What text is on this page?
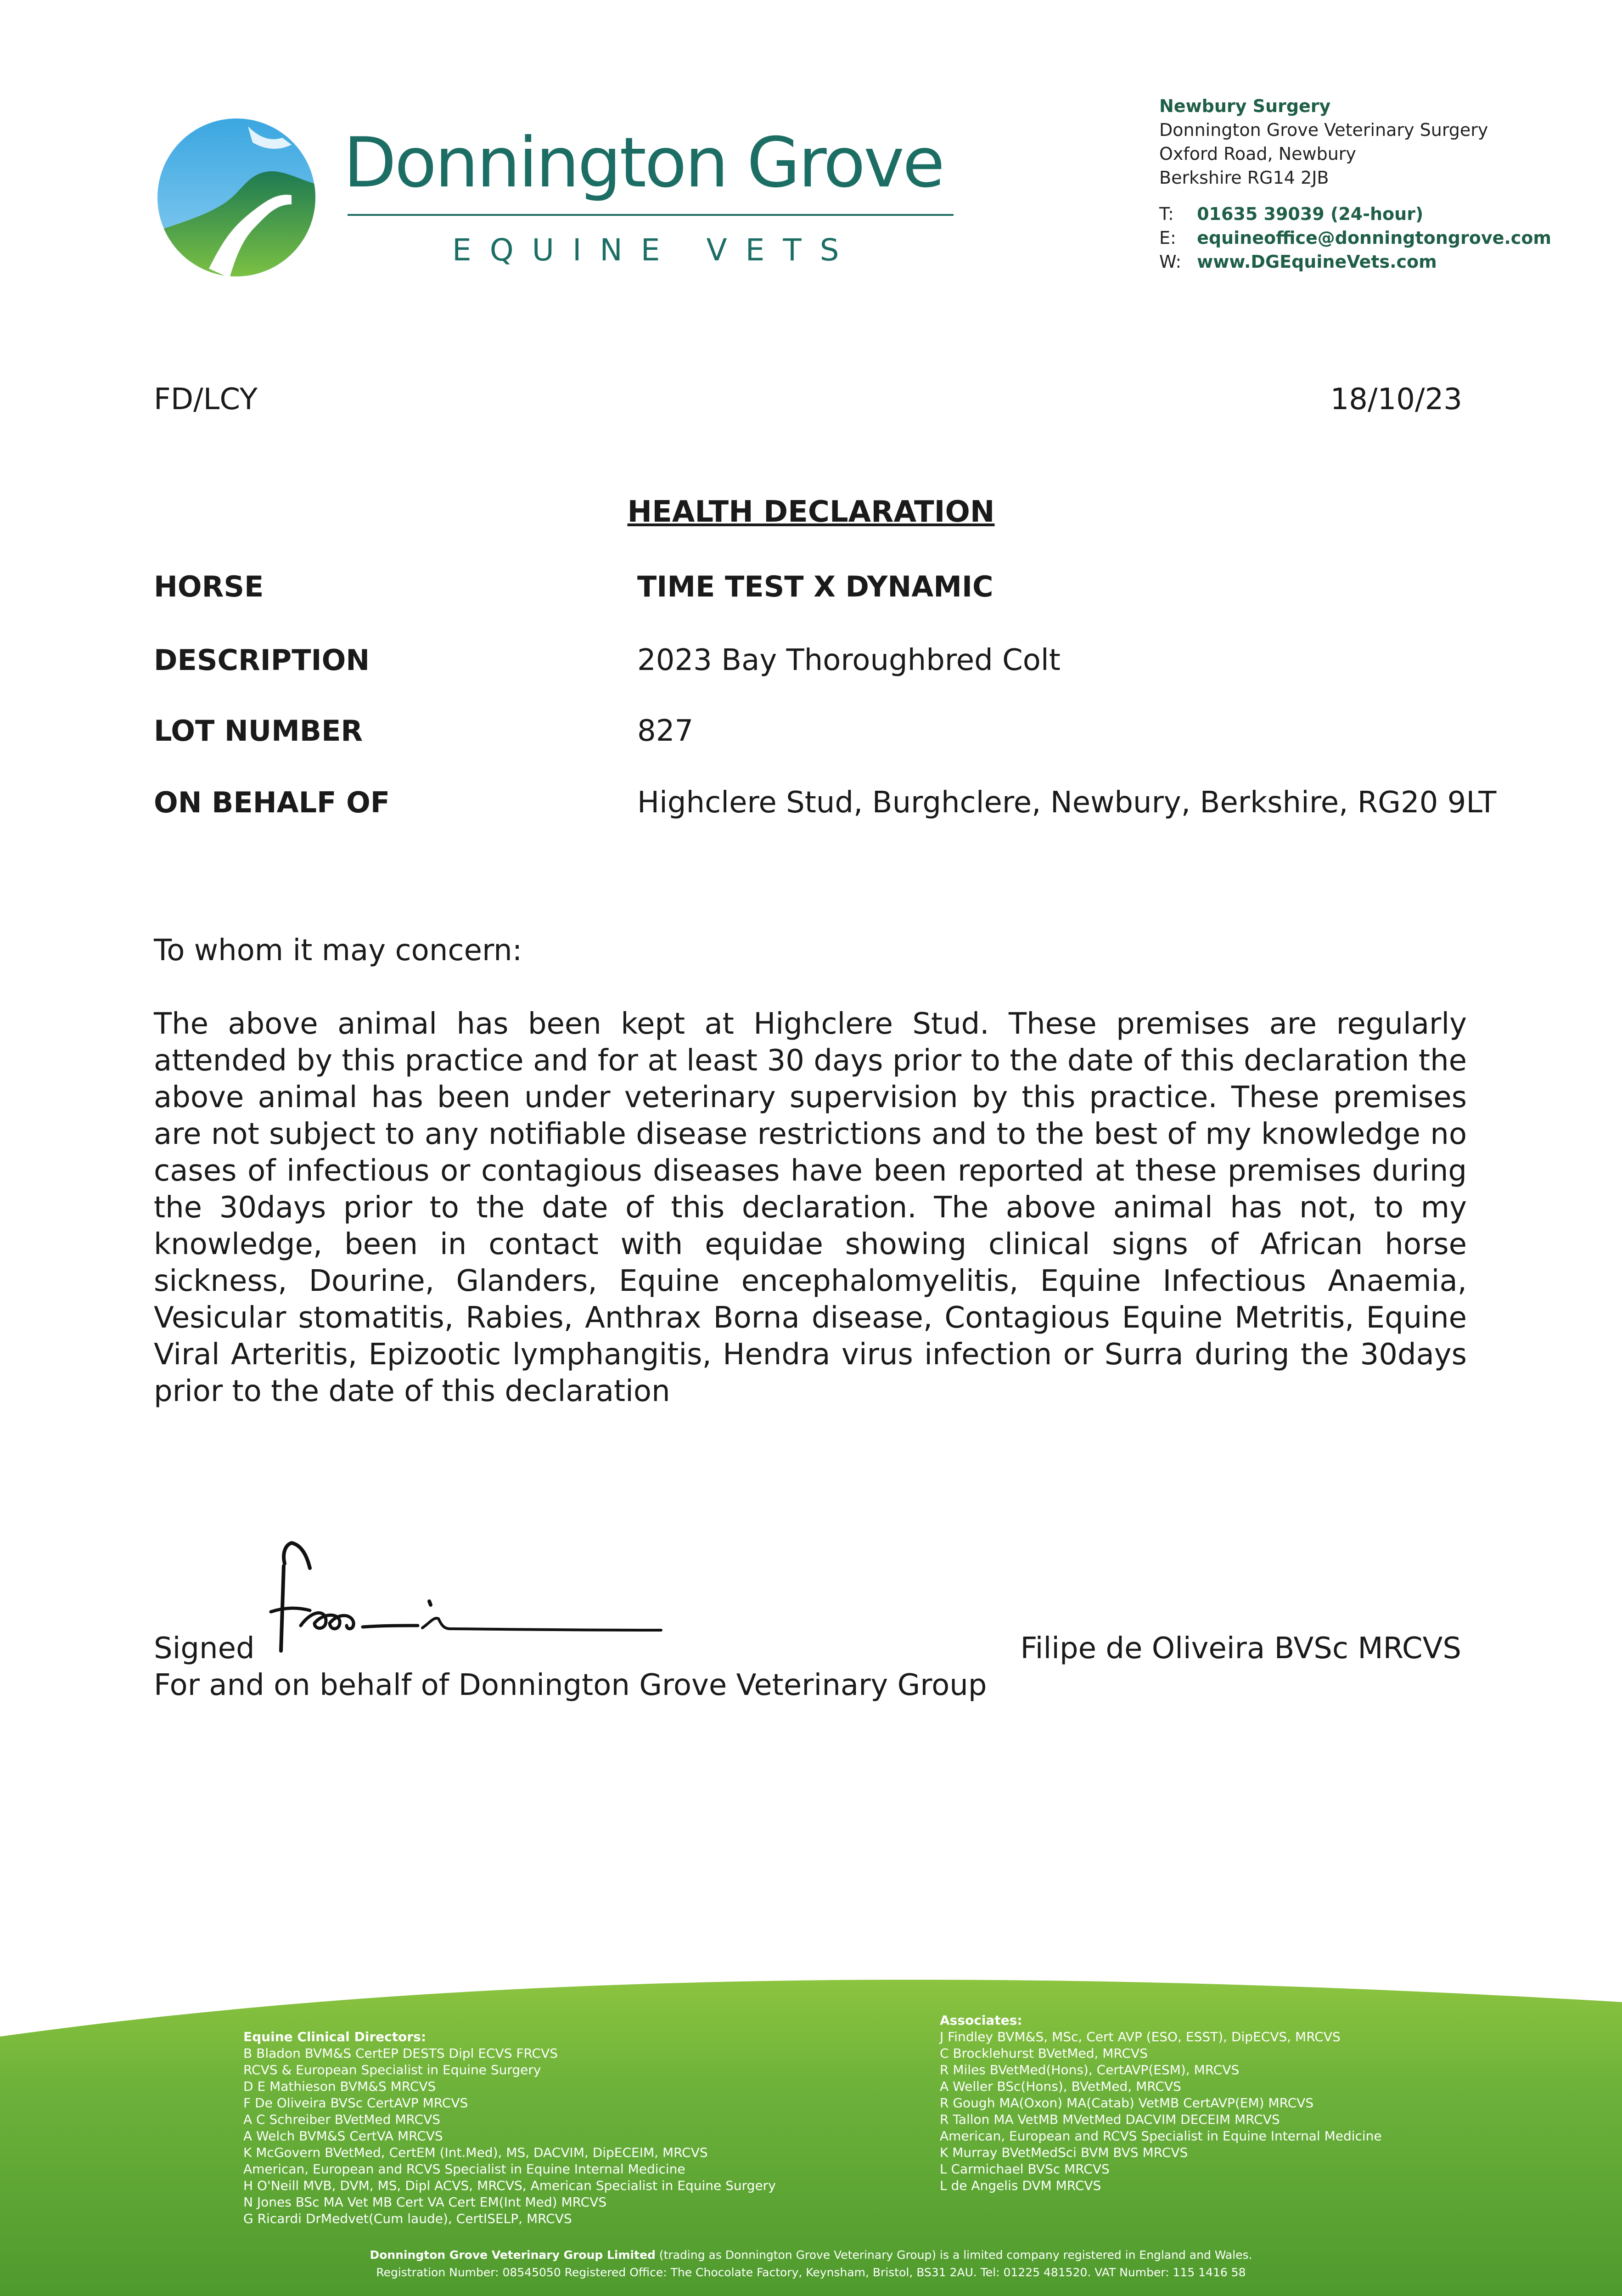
Donnington Grove
EQUINE VETS
Newbury Surgery
Donnington Grove Veterinary Surgery
Oxford Road, Newbury
Berkshire RG14 2JB
T: 01635 39039 (24-hour)
E: equineoffice@donningtongrove.com
W: www.DGEquineVets.com
FD/LCY	18/10/23
HEALTH DECLARATION
HORSE	TIME TEST X DYNAMIC
DESCRIPTION	2023 Bay Thoroughbred Colt
LOT NUMBER	827
ON BEHALF OF	Highclere Stud, Burghclere, Newbury, Berkshire, RG20 9LT
To whom it may concern:
The above animal has been kept at Highclere Stud. These premises are regularly attended by this practice and for at least 30 days prior to the date of this declaration the above animal has been under veterinary supervision by this practice. These premises are not subject to any notifiable disease restrictions and to the best of my knowledge no cases of infectious or contagious diseases have been reported at these premises during the 30days prior to the date of this declaration. The above animal has not, to my knowledge, been in contact with equidae showing clinical signs of African horse sickness, Dourine, Glanders, Equine encephalomyelitis, Equine Infectious Anaemia, Vesicular stomatitis, Rabies, Anthrax Borna disease, Contagious Equine Metritis, Equine Viral Arteritis, Epizootic lymphangitis, Hendra virus infection or Surra during the 30days prior to the date of this declaration
Signed	Filipe de Oliveira BVSc MRCVS
For and on behalf of Donnington Grove Veterinary Group
Equine Clinical Directors:
B Bladon BVM&S CertEP DESTS Dipl ECVS FRCVS
RCVS & European Specialist in Equine Surgery
D E Mathieson BVM&S MRCVS
F De Oliveira BVSc CertAVP MRCVS
A C Schreiber BVetMed MRCVS
A Welch BVM&S CertVA MRCVS
K McGovern BVetMed, CertEM (Int.Med), MS, DACVIM, DipECEIM, MRCVS
American, European and RCVS Specialist in Equine Internal Medicine
H O'Neill MVB, DVM, MS, Dipl ACVS, MRCVS, American Specialist in Equine Surgery
N Jones BSc MA Vet MB Cert VA Cert EM(Int Med) MRCVS
G Ricardi DrMedvet(Cum laude), CertISELP, MRCVS
Associates:
J Findley BVM&S, MSc, Cert AVP (ESO, ESST), DipECVS, MRCVS
C Brocklehurst BVetMed, MRCVS
R Miles BVetMed(Hons), CertAVP(ESM), MRCVS
A Weller BSc(Hons), BVetMed, MRCVS
R Gough MA(Oxon) MA(Catab) VetMB CertAVP(EM) MRCVS
R Tallon MA VetMB MVetMed DACVIM DECEIM MRCVS
American, European and RCVS Specialist in Equine Internal Medicine
K Murray BVetMedSci BVM BVS MRCVS
L Carmichael BVSc MRCVS
L de Angelis DVM MRCVS
Donnington Grove Veterinary Group Limited (trading as Donnington Grove Veterinary Group) is a limited company registered in England and Wales.
Registration Number: 08545050 Registered Office: The Chocolate Factory, Keynsham, Bristol, BS31 2AU. Tel: 01225 481520. VAT Number: 115 1416 58
